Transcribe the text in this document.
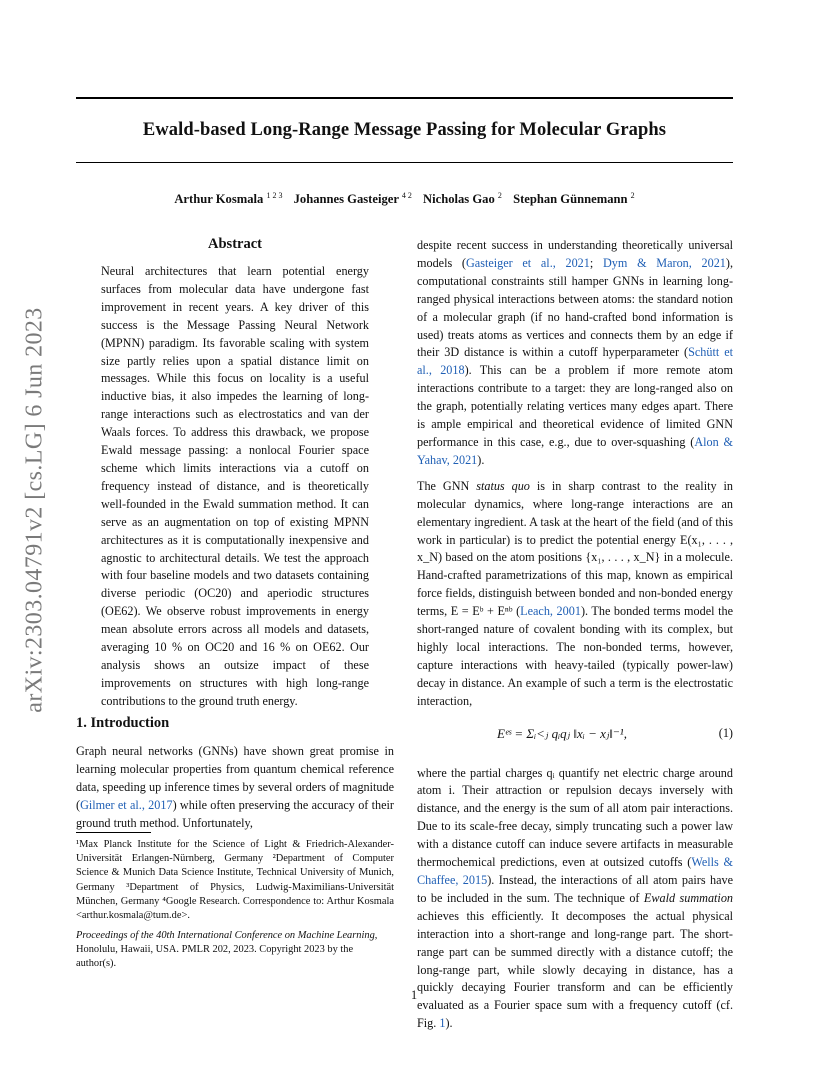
arXiv:2303.04791v2 [cs.LG] 6 Jun 2023
Ewald-based Long-Range Message Passing for Molecular Graphs
Arthur Kosmala $^{1 2 3}$ Johannes Gasteiger $^{4 2}$ Nicholas Gao $^2$ Stephan Günnemann $^2$
Abstract
Neural architectures that learn potential energy surfaces from molecular data have undergone fast improvement in recent years. A key driver of this success is the Message Passing Neural Network (MPNN) paradigm. Its favorable scaling with system size partly relies upon a spatial distance limit on messages. While this focus on locality is a useful inductive bias, it also impedes the learning of long-range interactions such as electrostatics and van der Waals forces. To address this drawback, we propose Ewald message passing: a nonlocal Fourier space scheme which limits interactions via a cutoff on frequency instead of distance, and is theoretically well-founded in the Ewald summation method. It can serve as an augmentation on top of existing MPNN architectures as it is computationally inexpensive and agnostic to architectural details. We test the approach with four baseline models and two datasets containing diverse periodic (OC20) and aperiodic structures (OE62). We observe robust improvements in energy mean absolute errors across all models and datasets, averaging 10 % on OC20 and 16 % on OE62. Our analysis shows an outsize impact of these improvements on structures with high long-range contributions to the ground truth energy.
1. Introduction
Graph neural networks (GNNs) have shown great promise in learning molecular properties from quantum chemical reference data, speeding up inference times by several orders of magnitude (Gilmer et al., 2017) while often preserving the accuracy of their ground truth method. Unfortunately,
¹Max Planck Institute for the Science of Light & Friedrich-Alexander-Universität Erlangen-Nürnberg, Germany ²Department of Computer Science & Munich Data Science Institute, Technical University of Munich, Germany ³Department of Physics, Ludwig-Maximilians-Universität München, Germany ⁴Google Research. Correspondence to: Arthur Kosmala <arthur.kosmala@tum.de>.
Proceedings of the 40th International Conference on Machine Learning, Honolulu, Hawaii, USA. PMLR 202, 2023. Copyright 2023 by the author(s).

despite recent success in understanding theoretically universal models (Gasteiger et al., 2021; Dym & Maron, 2021), computational constraints still hamper GNNs in learning long-ranged physical interactions between atoms: the standard notion of a molecular graph (if no hand-crafted bond information is used) treats atoms as vertices and connects them by an edge if their 3D distance is within a cutoff hyperparameter (Schütt et al., 2018). This can be a problem if more remote atom interactions contribute to a target: they are long-ranged also on the graph, potentially relating vertices many edges apart. There is ample empirical and theoretical evidence of limited GNN performance in this case, e.g., due to over-squashing (Alon & Yahav, 2021).

The GNN status quo is in sharp contrast to the reality in molecular dynamics, where long-range interactions are an elementary ingredient. A task at the heart of the field (and of this work in particular) is to predict the potential energy E(x₁, . . . , x_N) based on the atom positions {x₁, . . . , x_N} in a molecule. Hand-crafted parametrizations of this map, known as empirical force fields, distinguish between bonded and non-bonded energy terms, E = Eᵇ + Eⁿᵇ (Leach, 2001). The bonded terms model the short-ranged nature of covalent bonding with its complex, but highly local interactions. The non-bonded terms, however, capture interactions with heavy-tailed (typically power-law) decay in distance. An example of such a term is the electrostatic interaction,

Eᵉˢ = Σᵢ<ⱼ qᵢqⱼ ‖xᵢ − xⱼ‖⁻¹,	(1)

where the partial charges qᵢ quantify net electric charge around atom i. Their attraction or repulsion decays inversely with distance, and the energy is the sum of all atom pair interactions. Due to its scale-free decay, simply truncating such a power law with a distance cutoff can induce severe artifacts in measurable thermochemical predictions, even at outsized cutoffs (Wells & Chaffee, 2015). Instead, the interactions of all atom pairs have to be included in the sum. The technique of Ewald summation achieves this efficiently. It decomposes the actual physical interaction into a short-range and long-range part. The short-range part can be summed directly with a distance cutoff; the long-range part, while slowly decaying in distance, has a quickly decaying Fourier transform and can be efficiently evaluated as a Fourier space sum with a frequency cutoff (cf. Fig. 1).

1
